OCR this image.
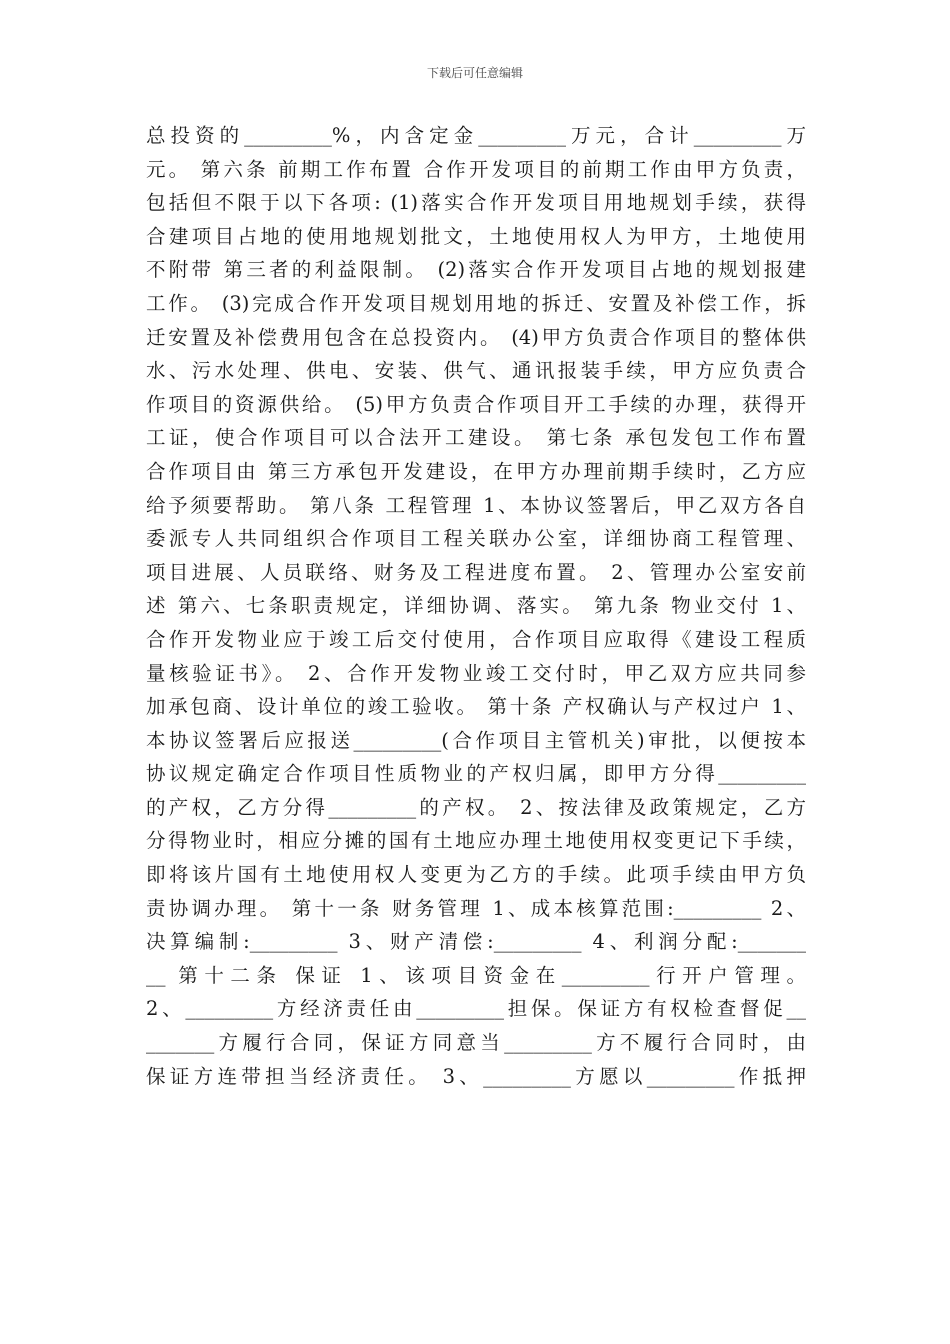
下载后可任意编辑
总投资的_________%，内含定金_________万元，合计_________万
元。 第六条 前期工作布置 合作开发项目的前期工作由甲方负责，
包括但不限于以下各项: (1)落实合作开发项目用地规划手续，获得
合建项目占地的使用地规划批文，土地使用权人为甲方，土地使用
不附带 第三者的利益限制。 (2)落实合作开发项目占地的规划报建
工作。 (3)完成合作开发项目规划用地的拆迁、安置及补偿工作，拆
迁安置及补偿费用包含在总投资内。 (4)甲方负责合作项目的整体供
水、污水处理、供电、安装、供气、通讯报装手续，甲方应负责合
作项目的资源供给。 (5)甲方负责合作项目开工手续的办理，获得开
工证，使合作项目可以合法开工建设。 第七条 承包发包工作布置
合作项目由 第三方承包开发建设，在甲方办理前期手续时，乙方应
给予须要帮助。 第八条 工程管理 1、本协议签署后，甲乙双方各自
委派专人共同组织合作项目工程关联办公室，详细协商工程管理、
项目进展、人员联络、财务及工程进度布置。 2、管理办公室安前
述 第六、七条职责规定，详细协调、落实。 第九条 物业交付 1、
合作开发物业应于竣工后交付使用，合作项目应取得《建设工程质
量核验证书》。 2、合作开发物业竣工交付时，甲乙双方应共同参
加承包商、设计单位的竣工验收。 第十条 产权确认与产权过户 1、
本协议签署后应报送_________(合作项目主管机关)审批，以便按本
协议规定确定合作项目性质物业的产权归属，即甲方分得_________
的产权，乙方分得_________的产权。 2、按法律及政策规定，乙方
分得物业时，相应分摊的国有土地应办理土地使用权变更记下手续，
即将该片国有土地使用权人变更为乙方的手续。此项手续由甲方负
责协调办理。 第十一条 财务管理 1、成本核算范围:_________ 2、
决算编制:_________ 3、财产清偿:_________ 4、利润分配:_______
__ 第十二条 保证 1、该项目资金在_________行开户管理。
2、_________方经济责任由_________担保。保证方有权检查督促__
_______方履行合同，保证方同意当_________方不履行合同时，由
保证方连带担当经济责任。 3、_________方愿以_________作抵押
